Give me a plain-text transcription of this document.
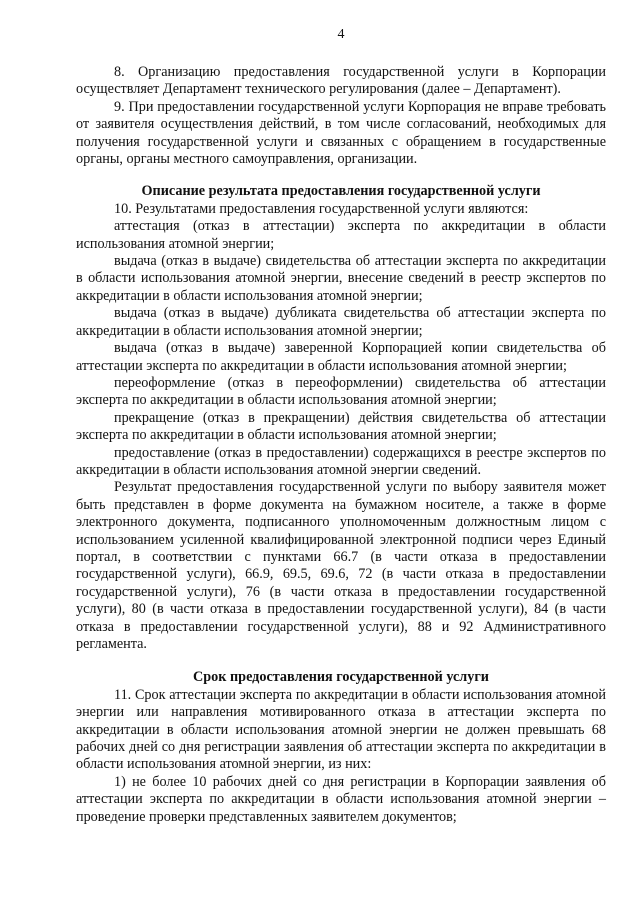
4

8. Организацию предоставления государственной услуги в Корпорации осуществляет Департамент технического регулирования (далее – Департамент).

9. При предоставлении государственной услуги Корпорация не вправе требовать от заявителя осуществления действий, в том числе согласований, необходимых для получения государственной услуги и связанных с обращением в государственные органы, органы местного самоуправления, организации.

Описание результата предоставления государственной услуги

10. Результатами предоставления государственной услуги являются:

аттестация (отказ в аттестации) эксперта по аккредитации в области использования атомной энергии;

выдача (отказ в выдаче) свидетельства об аттестации эксперта по аккредитации в области использования атомной энергии, внесение сведений в реестр экспертов по аккредитации в области использования атомной энергии;

выдача (отказ в выдаче) дубликата свидетельства об аттестации эксперта по аккредитации в области использования атомной энергии;

выдача (отказ в выдаче) заверенной Корпорацией копии свидетельства об аттестации эксперта по аккредитации в области использования атомной энергии;

переоформление (отказ в переоформлении) свидетельства об аттестации эксперта по аккредитации в области использования атомной энергии;

прекращение (отказ в прекращении) действия свидетельства об аттестации эксперта по аккредитации в области использования атомной энергии;

предоставление (отказ в предоставлении) содержащихся в реестре экспертов по аккредитации в области использования атомной энергии сведений.

Результат предоставления государственной услуги по выбору заявителя может быть представлен в форме документа на бумажном носителе, а также в форме электронного документа, подписанного уполномоченным должностным лицом с использованием усиленной квалифицированной электронной подписи через Единый портал, в соответствии с пунктами 66.7 (в части отказа в предоставлении государственной услуги), 66.9, 69.5, 69.6, 72 (в части отказа в предоставлении государственной услуги), 76 (в части отказа в предоставлении государственной услуги), 80 (в части отказа в предоставлении государственной услуги), 84 (в части отказа в предоставлении государственной услуги), 88 и 92 Административного регламента.

Срок предоставления государственной услуги

11. Срок аттестации эксперта по аккредитации в области использования атомной энергии или направления мотивированного отказа в аттестации эксперта по аккредитации в области использования атомной энергии не должен превышать 68 рабочих дней со дня регистрации заявления об аттестации эксперта по аккредитации в области использования атомной энергии, из них:

1) не более 10 рабочих дней со дня регистрации в Корпорации заявления об аттестации эксперта по аккредитации в области использования атомной энергии – проведение проверки представленных заявителем документов;
